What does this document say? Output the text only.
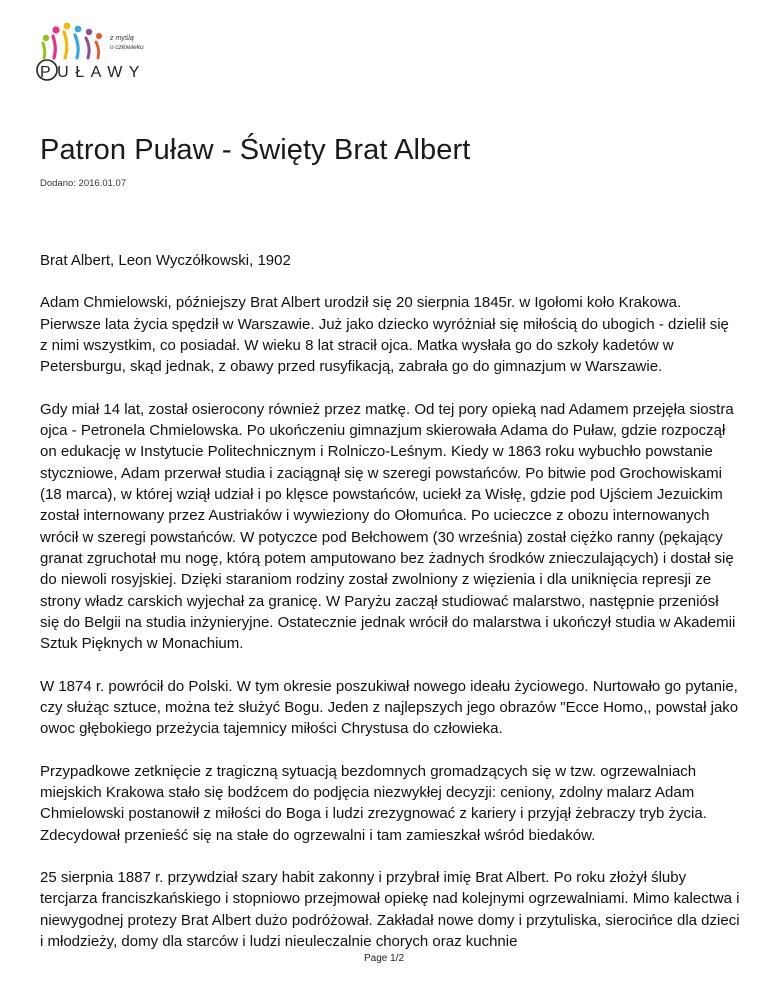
z myślą
o człowieku
PUŁAWY
Patron Puław - Święty Brat Albert
Dodano: 2016.01.07

Brat Albert, Leon Wyczółkowski, 1902

Adam Chmielowski, późniejszy Brat Albert urodził się 20 sierpnia 1845r. w Igołomi koło Krakowa. Pierwsze lata życia spędził w Warszawie. Już jako dziecko wyróżniał się miłością do ubogich - dzielił się z nimi wszystkim, co posiadał. W wieku 8 lat stracił ojca. Matka wysłała go do szkoły kadetów w Petersburgu, skąd jednak, z obawy przed rusyfikacją, zabrała go do gimnazjum w Warszawie.

Gdy miał 14 lat, został osierocony również przez matkę. Od tej pory opieką nad Adamem przejęła siostra ojca - Petronela Chmielowska. Po ukończeniu gimnazjum skierowała Adama do Puław, gdzie rozpoczął on edukację w Instytucie Politechnicznym i Rolniczo-Leśnym. Kiedy w 1863 roku wybuchło powstanie styczniowe, Adam przerwał studia i zaciągnął się w szeregi powstańców. Po bitwie pod Grochowiskami (18 marca), w której wziął udział i po klęsce powstańców, uciekł za Wisłę, gdzie pod Ujściem Jezuickim został internowany przez Austriaków i wywieziony do Ołomuńca. Po ucieczce z obozu internowanych wrócił w szeregi powstańców. W potyczce pod Bełchowem (30 września) został ciężko ranny (pękający granat zgruchotał mu nogę, którą potem amputowano bez żadnych środków znieczulających) i dostał się do niewoli rosyjskiej. Dzięki staraniom rodziny został zwolniony z więzienia i dla uniknięcia represji ze strony władz carskich wyjechał za granicę. W Paryżu zaczął studiować malarstwo, następnie przeniósł się do Belgii na studia inżynieryjne. Ostatecznie jednak wrócił do malarstwa i ukończył studia w Akademii Sztuk Pięknych w Monachium.

W 1874 r. powrócił do Polski. W tym okresie poszukiwał nowego ideału życiowego. Nurtowało go pytanie, czy służąc sztuce, można też służyć Bogu. Jeden z najlepszych jego obrazów "Ecce Homo,, powstał jako owoc głębokiego przeżycia tajemnicy miłości Chrystusa do człowieka.

Przypadkowe zetknięcie z tragiczną sytuacją bezdomnych gromadzących się w tzw. ogrzewalniach miejskich Krakowa stało się bodźcem do podjęcia niezwykłej decyzji: ceniony, zdolny malarz Adam Chmielowski postanowił z miłości do Boga i ludzi zrezygnować z kariery i przyjął żebraczy tryb życia. Zdecydował przenieść się na stałe do ogrzewalni i tam zamieszkał wśród biedaków.

25 sierpnia 1887 r. przywdział szary habit zakonny i przybrał imię Brat Albert. Po roku złożył śluby tercjarza franciszkańskiego i stopniowo przejmował opiekę nad kolejnymi ogrzewalniami. Mimo kalectwa i niewygodnej protezy Brat Albert dużo podróżował. Zakładał nowe domy i przytuliska, sierocińce dla dzieci i młodzieży, domy dla starców i ludzi nieuleczalnie chorych oraz kuchnie

Page 1/2
